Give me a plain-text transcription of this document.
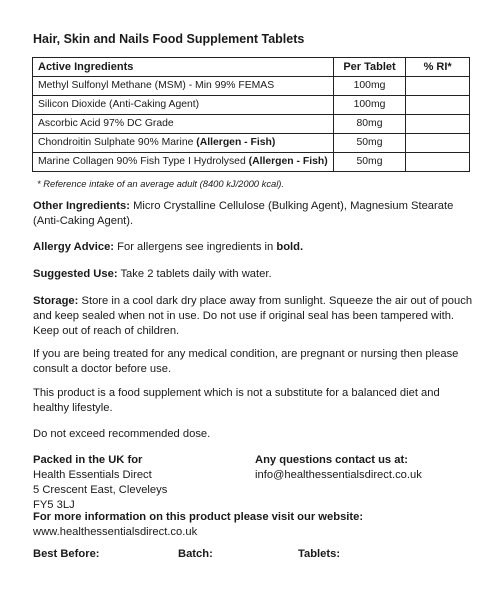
Hair, Skin and Nails Food Supplement Tablets
Active Ingredients	Per Tablet	% RI*
Methyl Sulfonyl Methane (MSM) - Min 99% FEMAS	100mg	
Silicon Dioxide (Anti-Caking Agent)	100mg	
Ascorbic Acid 97% DC Grade	80mg	
Chondroitin Sulphate 90% Marine (Allergen - Fish)	50mg	
Marine Collagen 90% Fish Type I Hydrolysed (Allergen - Fish)	50mg	
* Reference intake of an average adult (8400 kJ/2000 kcal).
Other Ingredients: Micro Crystalline Cellulose (Bulking Agent), Magnesium Stearate (Anti-Caking Agent).
Allergy Advice: For allergens see ingredients in bold.
Suggested Use: Take 2 tablets daily with water.
Storage: Store in a cool dark dry place away from sunlight. Squeeze the air out of pouch and keep sealed when not in use. Do not use if original seal has been tampered with. Keep out of reach of children.
If you are being treated for any medical condition, are pregnant or nursing then please consult a doctor before use.
This product is a food supplement which is not a substitute for a balanced diet and healthy lifestyle.
Do not exceed recommended dose.
Packed in the UK for
Health Essentials Direct
5 Crescent East, Cleveleys
FY5 3LJ
Any questions contact us at:
info@healthessentialsdirect.co.uk
For more information on this product please visit our website:
www.healthessentialsdirect.co.uk
Best Before:	Batch:	Tablets:
